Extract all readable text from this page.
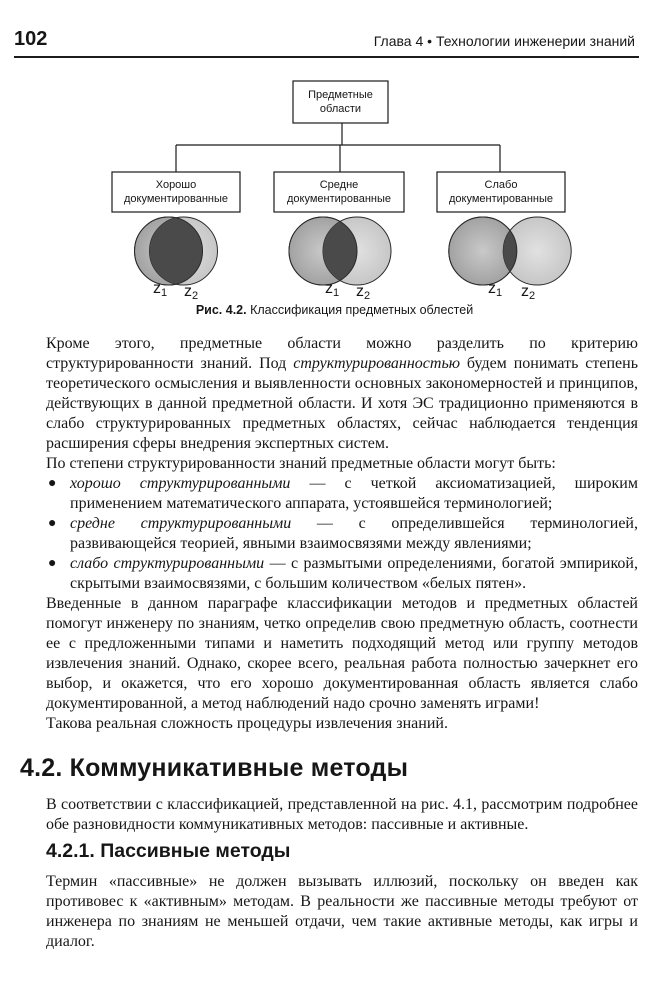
102	Глава 4 • Технологии инженерии знаний
Предметные
области
Хорошо
документированные
Средне
документированные
Слабо
документированные
z1 z2	z1 z2	z1 z2
Рис. 4.2. Классификация предметных облестей

Кроме этого, предметные области можно разделить по критерию структурированности знаний. Под структурированностью будем понимать степень теоретического осмысления и выявленности основных закономерностей и принципов, действующих в данной предметной области. И хотя ЭС традиционно применяются в слабо структурированных предметных областях, сейчас наблюдается тенденция расширения сферы внедрения экспертных систем.

По степени структурированности знаний предметные области могут быть:

● хорошо структурированными — с четкой аксиоматизацией, широким применением математического аппарата, устоявшейся терминологией;
● средне структурированными — с определившейся терминологией, развивающейся теорией, явными взаимосвязями между явлениями;
● слабо структурированными — с размытыми определениями, богатой эмпирикой, скрытыми взаимосвязями, с большим количеством «белых пятен».

Введенные в данном параграфе классификации методов и предметных областей помогут инженеру по знаниям, четко определив свою предметную область, соотнести ее с предложенными типами и наметить подходящий метод или группу методов извлечения знаний. Однако, скорее всего, реальная работа полностью зачеркнет его выбор, и окажется, что его хорошо документированная область является слабо документированной, а метод наблюдений надо срочно заменять играми!

Такова реальная сложность процедуры извлечения знаний.

4.2. Коммуникативные методы

В соответствии с классификацией, представленной на рис. 4.1, рассмотрим подробнее обе разновидности коммуникативных методов: пассивные и активные.

4.2.1. Пассивные методы

Термин «пассивные» не должен вызывать иллюзий, поскольку он введен как противовес к «активным» методам. В реальности же пассивные методы требуют от инженера по знаниям не меньшей отдачи, чем такие активные методы, как игры и диалог.
